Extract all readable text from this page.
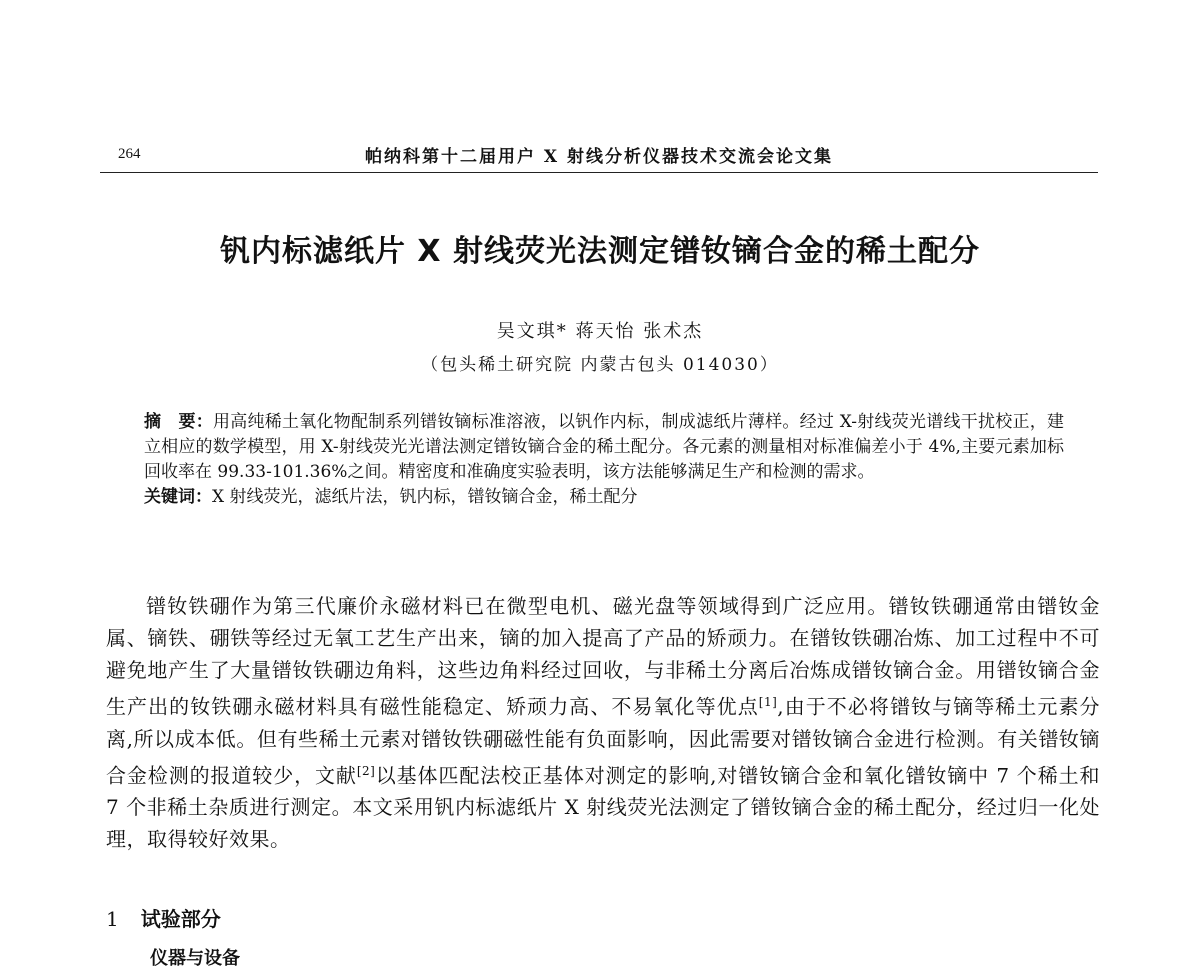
264	帕纳科第十二届用户 X 射线分析仪器技术交流会论文集
钒内标滤纸片 X 射线荧光法测定镨钕镝合金的稀土配分
吴文琪* 蒋天怡 张术杰
（包头稀土研究院 内蒙古包头 014030）

摘　要：用高纯稀土氧化物配制系列镨钕镝标准溶液，以钒作内标，制成滤纸片薄样。经过 X-射线荧光谱线干扰校正，建立相应的数学模型，用 X-射线荧光光谱法测定镨钕镝合金的稀土配分。各元素的测量相对标准偏差小于 4%,主要元素加标回收率在 99.33-101.36%之间。精密度和准确度实验表明，该方法能够满足生产和检测的需求。

关键词：X 射线荧光，滤纸片法，钒内标，镨钕镝合金，稀土配分

镨钕铁硼作为第三代廉价永磁材料已在微型电机、磁光盘等领域得到广泛应用。镨钕铁硼通常由镨钕金属、镝铁、硼铁等经过无氧工艺生产出来，镝的加入提高了产品的矫顽力。在镨钕铁硼冶炼、加工过程中不可避免地产生了大量镨钕铁硼边角料，这些边角料经过回收，与非稀土分离后冶炼成镨钕镝合金。用镨钕镝合金生产出的钕铁硼永磁材料具有磁性能稳定、矫顽力高、不易氧化等优点[1],由于不必将镨钕与镝等稀土元素分离,所以成本低。但有些稀土元素对镨钕铁硼磁性能有负面影响，因此需要对镨钕镝合金进行检测。有关镨钕镝合金检测的报道较少，文献[2]以基体匹配法校正基体对测定的影响,对镨钕镝合金和氧化镨钕镝中 7 个稀土和 7 个非稀土杂质进行测定。本文采用钒内标滤纸片 X 射线荧光法测定了镨钕镝合金的稀土配分，经过归一化处理，取得较好效果。

1 试验部分
仪器与设备
